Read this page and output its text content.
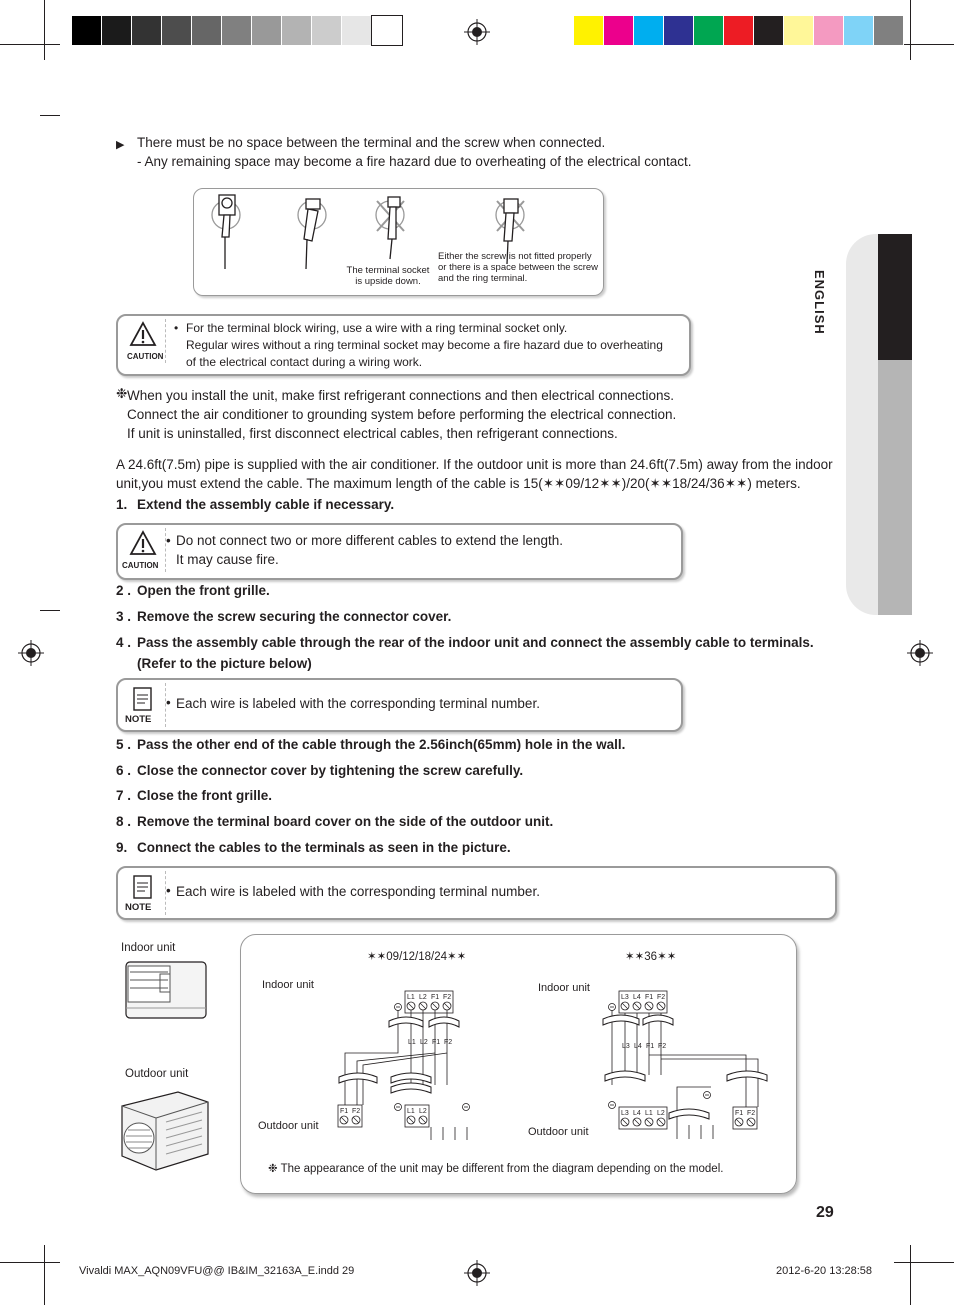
ENGLISH
▶ There must be no space between the terminal and the screw when connected.
- Any remaining space may become a fire hazard due to overheating of the electrical contact.
The terminal socket is upside down.
Either the screw is not fitted properly or there is a space between the screw and the ring terminal.
CAUTION
• For the terminal block wiring, use a wire with a ring terminal socket only.
Regular wires without a ring terminal socket may become a fire hazard due to overheating
of the electrical contact during a wiring work.
❉ When you install the unit, make first refrigerant connections and then electrical connections.
Connect the air conditioner to grounding system before performing the electrical connection.
If unit is uninstalled, first disconnect electrical cables, then refrigerant connections.
A 24.6ft(7.5m) pipe is supplied with the air conditioner. If the outdoor unit is more than 24.6ft(7.5m) away from the indoor
unit,you must extend the cable. The maximum length of the cable is 15(✶✶09/12✶✶)/20(✶✶18/24/36✶✶) meters.
1. Extend the assembly cable if necessary.
CAUTION
• Do not connect two or more different cables to extend the length.
It may cause fire.
2 . Open the front grille.
3 . Remove the screw securing the connector cover.
4 . Pass the assembly cable through the rear of the indoor unit and connect the assembly cable to terminals.
(Refer to the picture below)
NOTE
• Each wire is labeled with the corresponding terminal number.
5 . Pass the other end of the cable through the 2.56inch(65mm) hole in the wall.
6 . Close the connector cover by tightening the screw carefully.
7 . Close the front grille.
8 . Remove the terminal board cover on the side of the outdoor unit.
9. Connect the cables to the terminals as seen in the picture.
NOTE
• Each wire is labeled with the corresponding terminal number.
Indoor unit
Outdoor unit
✶✶09/12/18/24✶✶	✶✶36✶✶
Indoor unit
Outdoor unit
Indoor unit
Outdoor unit
L1 L2 F1 F2
L1 L2
F1 F2
L1 L2 F1 F2
L3 L4 F1 F2
L3 L4 L1 L2	F1 F2
L3 L4 F1 F2
❉ The appearance of the unit may be different from the diagram depending on the model.
29
Vivaldi MAX_AQN09VFU@@ IB&IM_32163A_E.indd 29	2012-6-20 13:28:58
